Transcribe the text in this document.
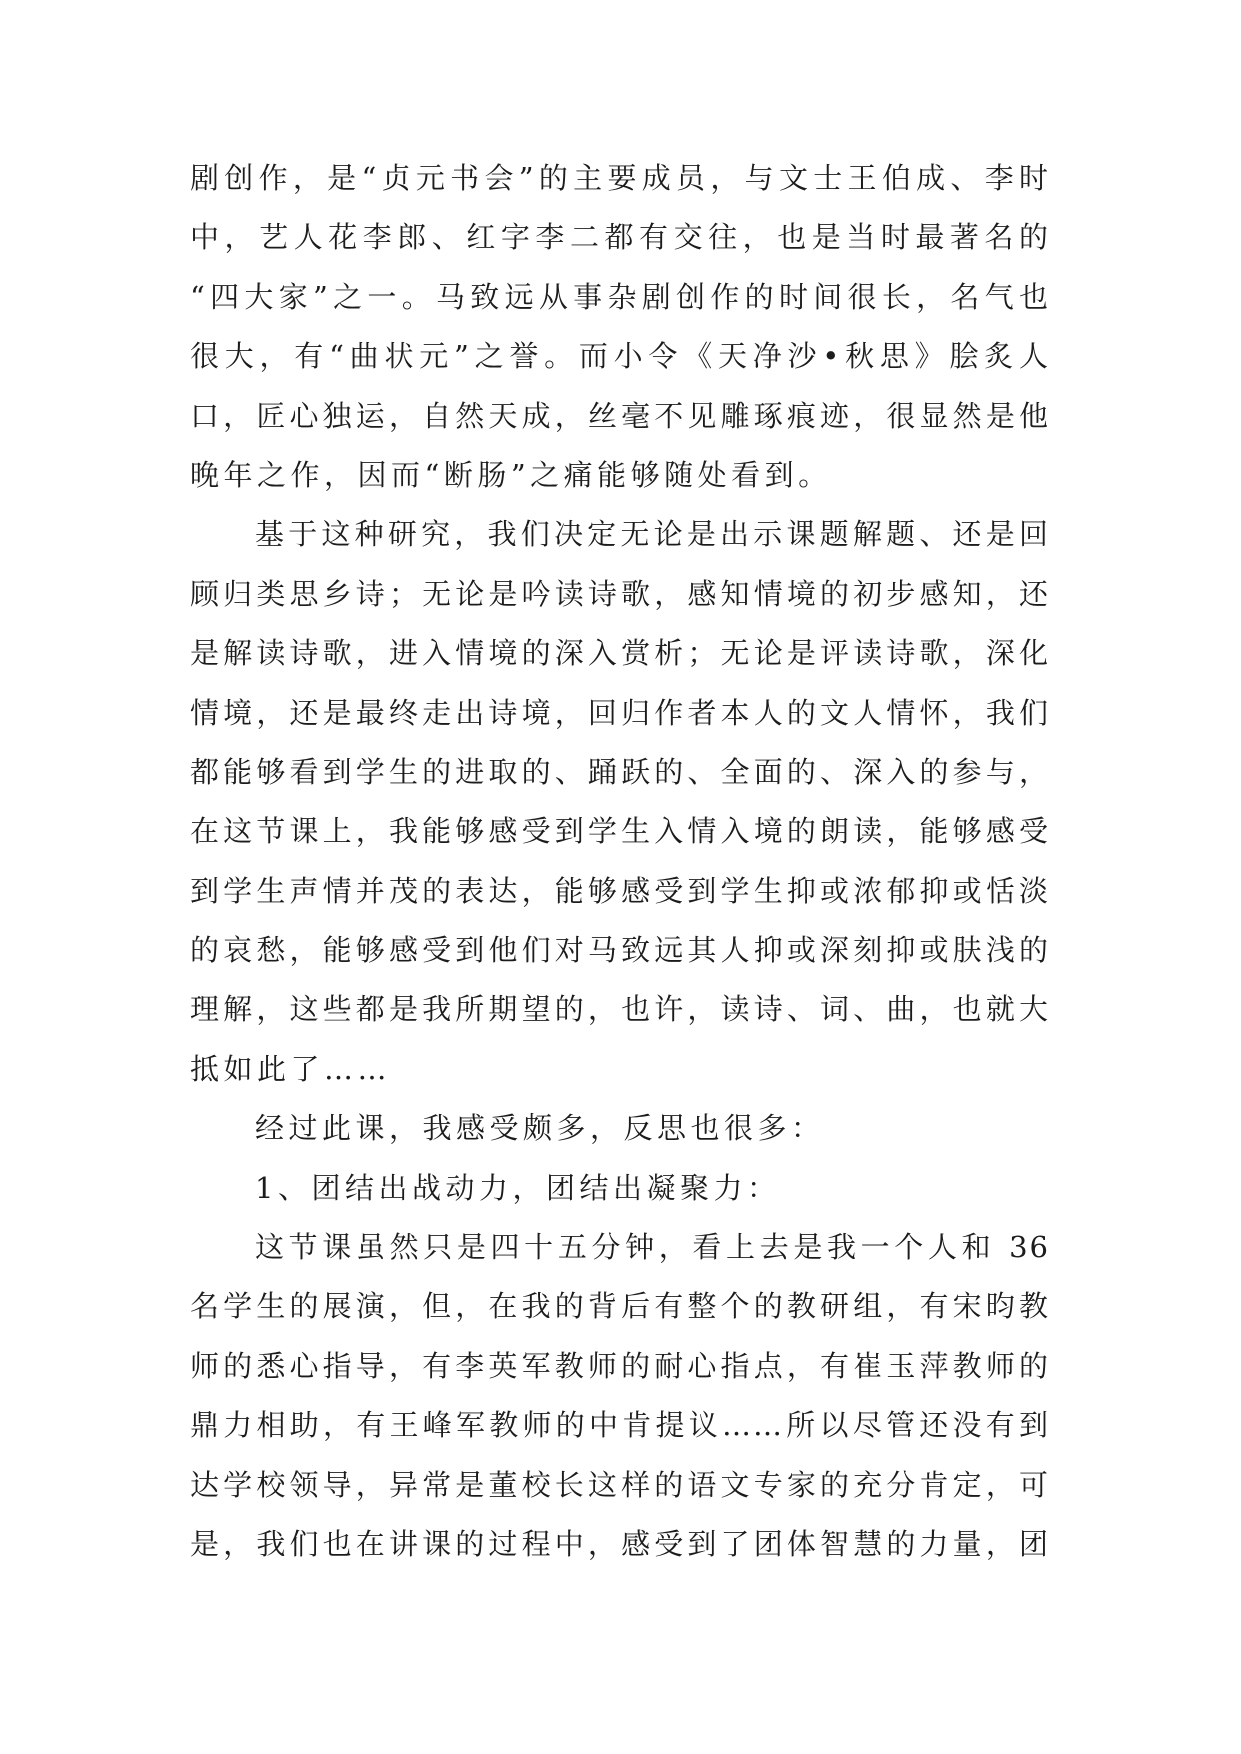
剧创作，是“贞元书会”的主要成员，与文士王伯成、李时
中，艺人花李郎、红字李二都有交往，也是当时最著名的
“四大家”之一。马致远从事杂剧创作的时间很长，名气也
很大，有“曲状元”之誉。而小令《天净沙•秋思》脍炙人
口，匠心独运，自然天成，丝毫不见雕琢痕迹，很显然是他
晚年之作，因而“断肠”之痛能够随处看到。
基于这种研究，我们决定无论是出示课题解题、还是回
顾归类思乡诗；无论是吟读诗歌，感知情境的初步感知，还
是解读诗歌，进入情境的深入赏析；无论是评读诗歌，深化
情境，还是最终走出诗境，回归作者本人的文人情怀，我们
都能够看到学生的进取的、踊跃的、全面的、深入的参与，
在这节课上，我能够感受到学生入情入境的朗读，能够感受
到学生声情并茂的表达，能够感受到学生抑或浓郁抑或恬淡
的哀愁，能够感受到他们对马致远其人抑或深刻抑或肤浅的
理解，这些都是我所期望的，也许，读诗、词、曲，也就大
抵如此了……
经过此课，我感受颇多，反思也很多：
1、团结出战动力，团结出凝聚力：
这节课虽然只是四十五分钟，看上去是我一个人和 36
名学生的展演，但，在我的背后有整个的教研组，有宋昀教
师的悉心指导，有李英军教师的耐心指点，有崔玉萍教师的
鼎力相助，有王峰军教师的中肯提议……所以尽管还没有到
达学校领导，异常是董校长这样的语文专家的充分肯定，可
是，我们也在讲课的过程中，感受到了团体智慧的力量，团
